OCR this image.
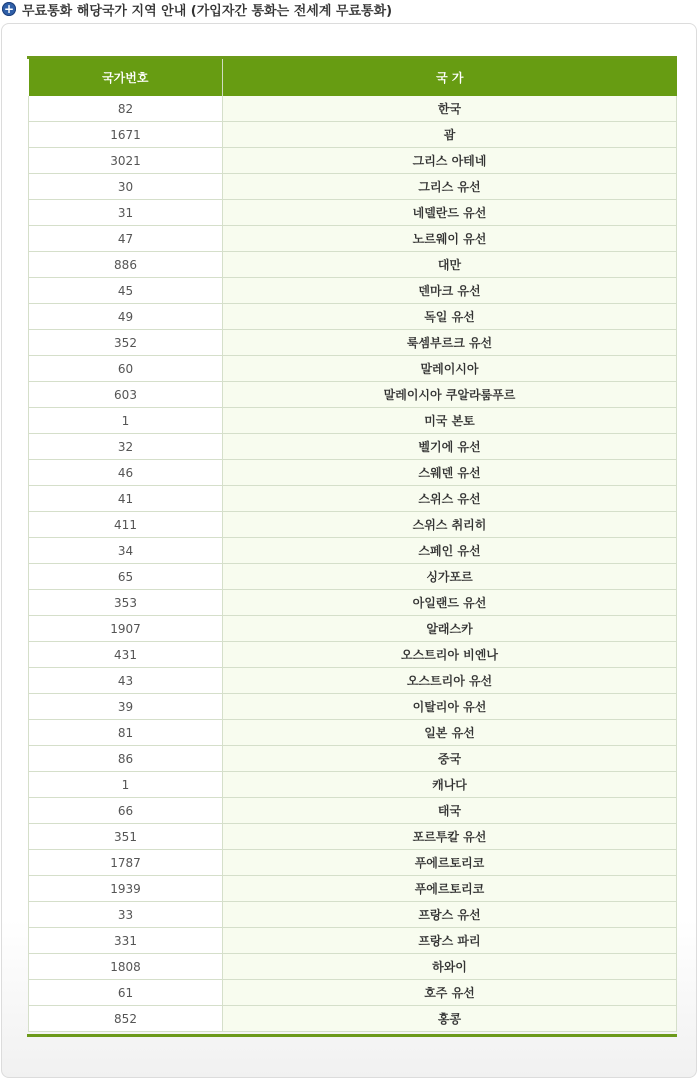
+ 무료통화 해당국가 지역 안내 (가입자간 통화는 전세계 무료통화)
국가번호	국 가
82	한국
1671	괌
3021	그리스 아테네
30	그리스 유선
31	네델란드 유선
47	노르웨이 유선
886	대만
45	덴마크 유선
49	독일 유선
352	룩셈부르크 유선
60	말레이시아
603	말레이시아 쿠알라룸푸르
1	미국 본토
32	벨기에 유선
46	스웨덴 유선
41	스위스 유선
411	스위스 취리히
34	스페인 유선
65	싱가포르
353	아일랜드 유선
1907	알래스카
431	오스트리아 비엔나
43	오스트리아 유선
39	이탈리아 유선
81	일본 유선
86	중국
1	캐나다
66	태국
351	포르투칼 유선
1787	푸에르토리코
1939	푸에르토리코
33	프랑스 유선
331	프랑스 파리
1808	하와이
61	호주 유선
852	홍콩
